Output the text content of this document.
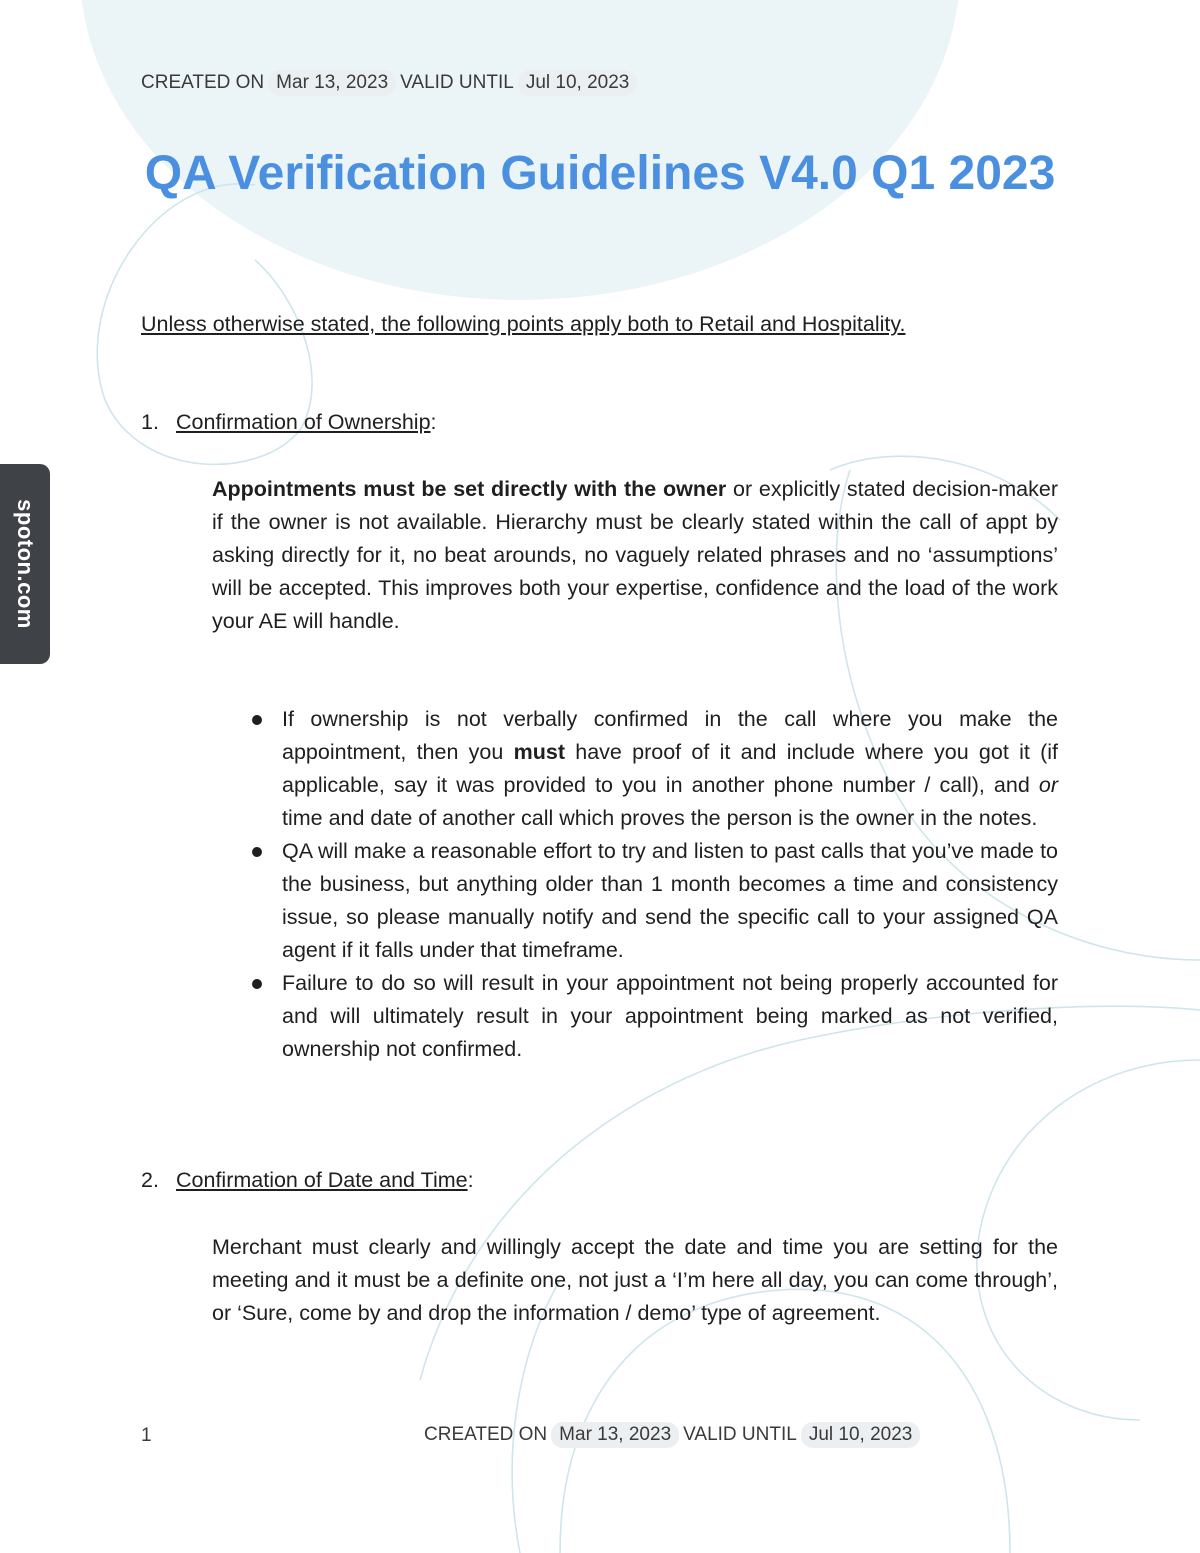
spoton.com
CREATED ON Mar 13, 2023 VALID UNTIL Jul 10, 2023
QA Verification Guidelines V4.0 Q1 2023
Unless otherwise stated, the following points apply both to Retail and Hospitality.
1. Confirmation of Ownership:
Appointments must be set directly with the owner or explicitly stated decision-maker if the owner is not available. Hierarchy must be clearly stated within the call of appt by asking directly for it, no beat arounds, no vaguely related phrases and no ‘assumptions’ will be accepted. This improves both your expertise, confidence and the load of the work your AE will handle.
If ownership is not verbally confirmed in the call where you make the appointment, then you must have proof of it and include where you got it (if applicable, say it was provided to you in another phone number / call), and or time and date of another call which proves the person is the owner in the notes.
QA will make a reasonable effort to try and listen to past calls that you’ve made to the business, but anything older than 1 month becomes a time and consistency issue, so please manually notify and send the specific call to your assigned QA agent if it falls under that timeframe.
Failure to do so will result in your appointment not being properly accounted for and will ultimately result in your appointment being marked as not verified, ownership not confirmed.
2. Confirmation of Date and Time:
Merchant must clearly and willingly accept the date and time you are setting for the meeting and it must be a definite one, not just a ‘I’m here all day, you can come through’, or ‘Sure, come by and drop the information / demo’ type of agreement.
1	CREATED ON Mar 13, 2023 VALID UNTIL Jul 10, 2023
